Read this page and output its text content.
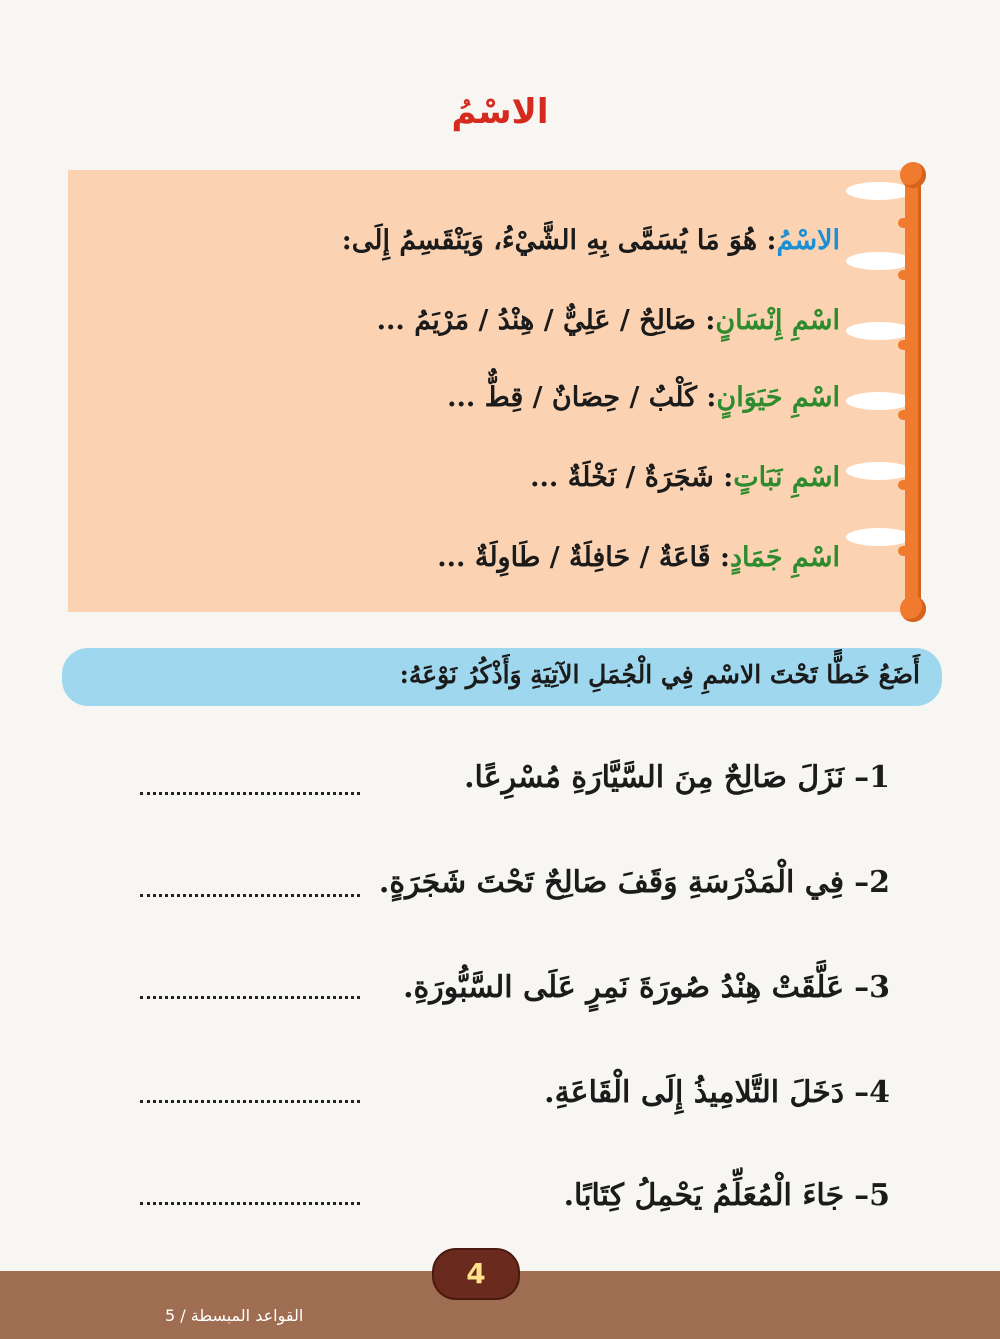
الاسْمُ
الاسْمُ: هُوَ مَا يُسَمَّى بِهِ الشَّيْءُ، وَيَنْقَسِمُ إِلَى:
اسْمِ إِنْسَانٍ: صَالِحٌ / عَلِيٌّ / هِنْدُ / مَرْيَمُ ...
اسْمِ حَيَوَانٍ: كَلْبٌ / حِصَانٌ / قِطٌّ ...
اسْمِ نَبَاتٍ: شَجَرَةٌ / نَخْلَةٌ ...
اسْمِ جَمَادٍ: قَاعَةٌ / حَافِلَةٌ / طَاوِلَةٌ ...
أَضَعُ خَطًّا تَحْتَ الاسْمِ فِي الْجُمَلِ الآتِيَةِ وَأَذْكُرُ نَوْعَهُ:
1–نَزَلَ صَالِحٌ مِنَ السَّيَّارَةِ مُسْرِعًا.
2–فِي الْمَدْرَسَةِ وَقَفَ صَالِحٌ تَحْتَ شَجَرَةٍ.
3–عَلَّقَتْ هِنْدُ صُورَةَ نَمِرٍ عَلَى السَّبُّورَةِ.
4–دَخَلَ التَّلامِيذُ إِلَى الْقَاعَةِ.
5–جَاءَ الْمُعَلِّمُ يَحْمِلُ كِتَابًا.
4
القواعد المبسطة / 5
